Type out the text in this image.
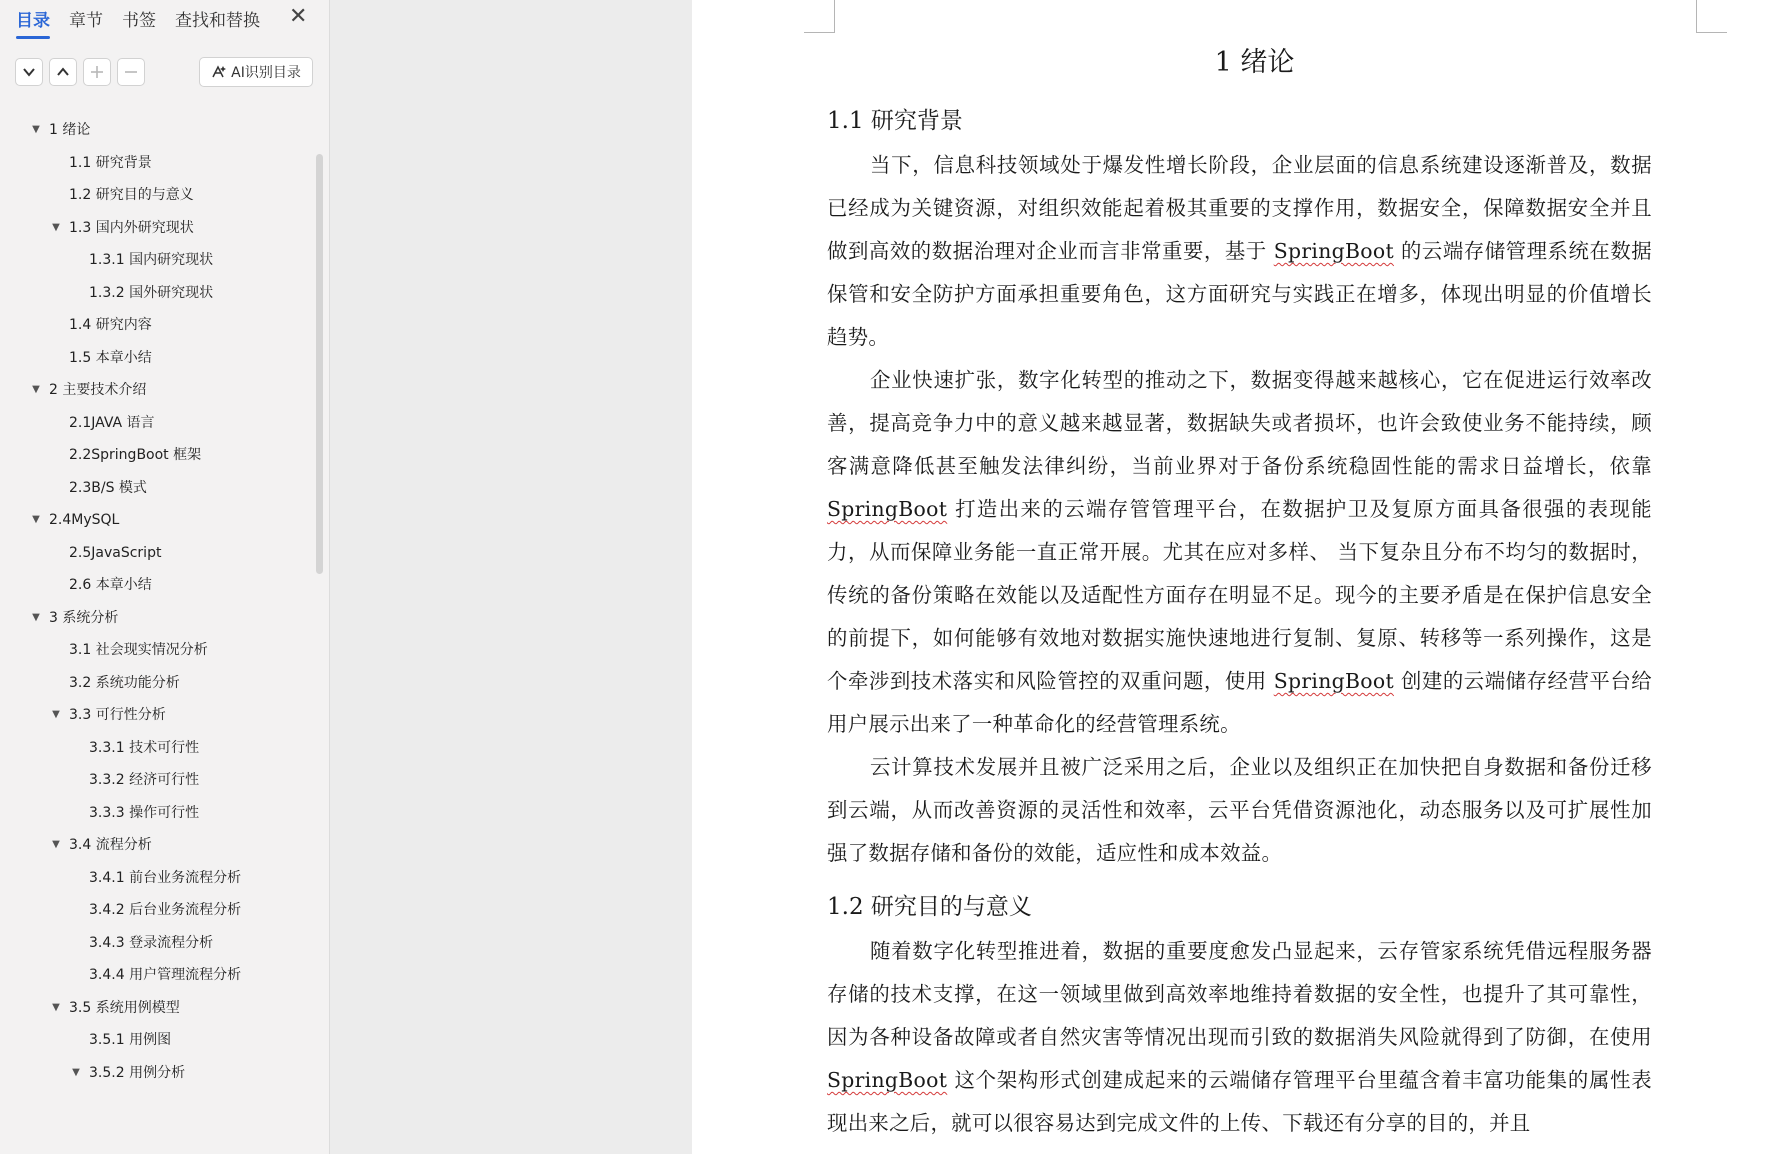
目录 章节 书签 查找和替换 ✕
AI识别目录
▼ 1 绪论
1.1 研究背景
1.2 研究目的与意义
▼ 1.3 国内外研究现状
1.3.1 国内研究现状
1.3.2 国外研究现状
1.4 研究内容
1.5 本章小结
▼ 2 主要技术介绍
2.1JAVA 语言
2.2SpringBoot 框架
2.3B/S 模式
▼ 2.4MySQL
2.5JavaScript
2.6 本章小结
▼ 3 系统分析
3.1 社会现实情况分析
3.2 系统功能分析
▼ 3.3 可行性分析
3.3.1 技术可行性
3.3.2 经济可行性
3.3.3 操作可行性
▼ 3.4 流程分析
3.4.1 前台业务流程分析
3.4.2 后台业务流程分析
3.4.3 登录流程分析
3.4.4 用户管理流程分析
▼ 3.5 系统用例模型
3.5.1 用例图
▼ 3.5.2 用例分析
1 绪论
1.1 研究背景

当下，信息科技领域处于爆发性增长阶段，企业层面的信息系统建设逐渐普及，数据已经成为关键资源，对组织效能起着极其重要的支撑作用，数据安全，保障数据安全并且做到高效的数据治理对企业而言非常重要，基于 SpringBoot 的云端存储管理系统在数据保管和安全防护方面承担重要角色，这方面研究与实践正在增多，体现出明显的价值增长趋势。

企业快速扩张，数字化转型的推动之下，数据变得越来越核心，它在促进运行效率改善，提高竞争力中的意义越来越显著，数据缺失或者损坏，也许会致使业务不能持续，顾客满意降低甚至触发法律纠纷，当前业界对于备份系统稳固性能的需求日益增长，依靠 SpringBoot 打造出来的云端存管管理平台，在数据护卫及复原方面具备很强的表现能力，从而保障业务能一直正常开展。尤其在应对多样、 当下复杂且分布不均匀的数据时，传统的备份策略在效能以及适配性方面存在明显不足。现今的主要矛盾是在保护信息安全的前提下，如何能够有效地对数据实施快速地进行复制、复原、转移等一系列操作，这是个牵涉到技术落实和风险管控的双重问题，使用 SpringBoot 创建的云端储存经营平台给用户展示出来了一种革命化的经营管理系统。

云计算技术发展并且被广泛采用之后，企业以及组织正在加快把自身数据和备份迁移到云端，从而改善资源的灵活性和效率，云平台凭借资源池化，动态服务以及可扩展性加强了数据存储和备份的效能，适应性和成本效益。

1.2 研究目的与意义

随着数字化转型推进着，数据的重要度愈发凸显起来，云存管家系统凭借远程服务器存储的技术支撑，在这一领域里做到高效率地维持着数据的安全性，也提升了其可靠性，因为各种设备故障或者自然灾害等情况出现而引致的数据消失风险就得到了防御，在使用 SpringBoot 这个架构形式创建成起来的云端储存管理平台里蕴含着丰富功能集的属性表现出来之后，就可以很容易达到完成文件的上传、下载还有分享的目的，并且
